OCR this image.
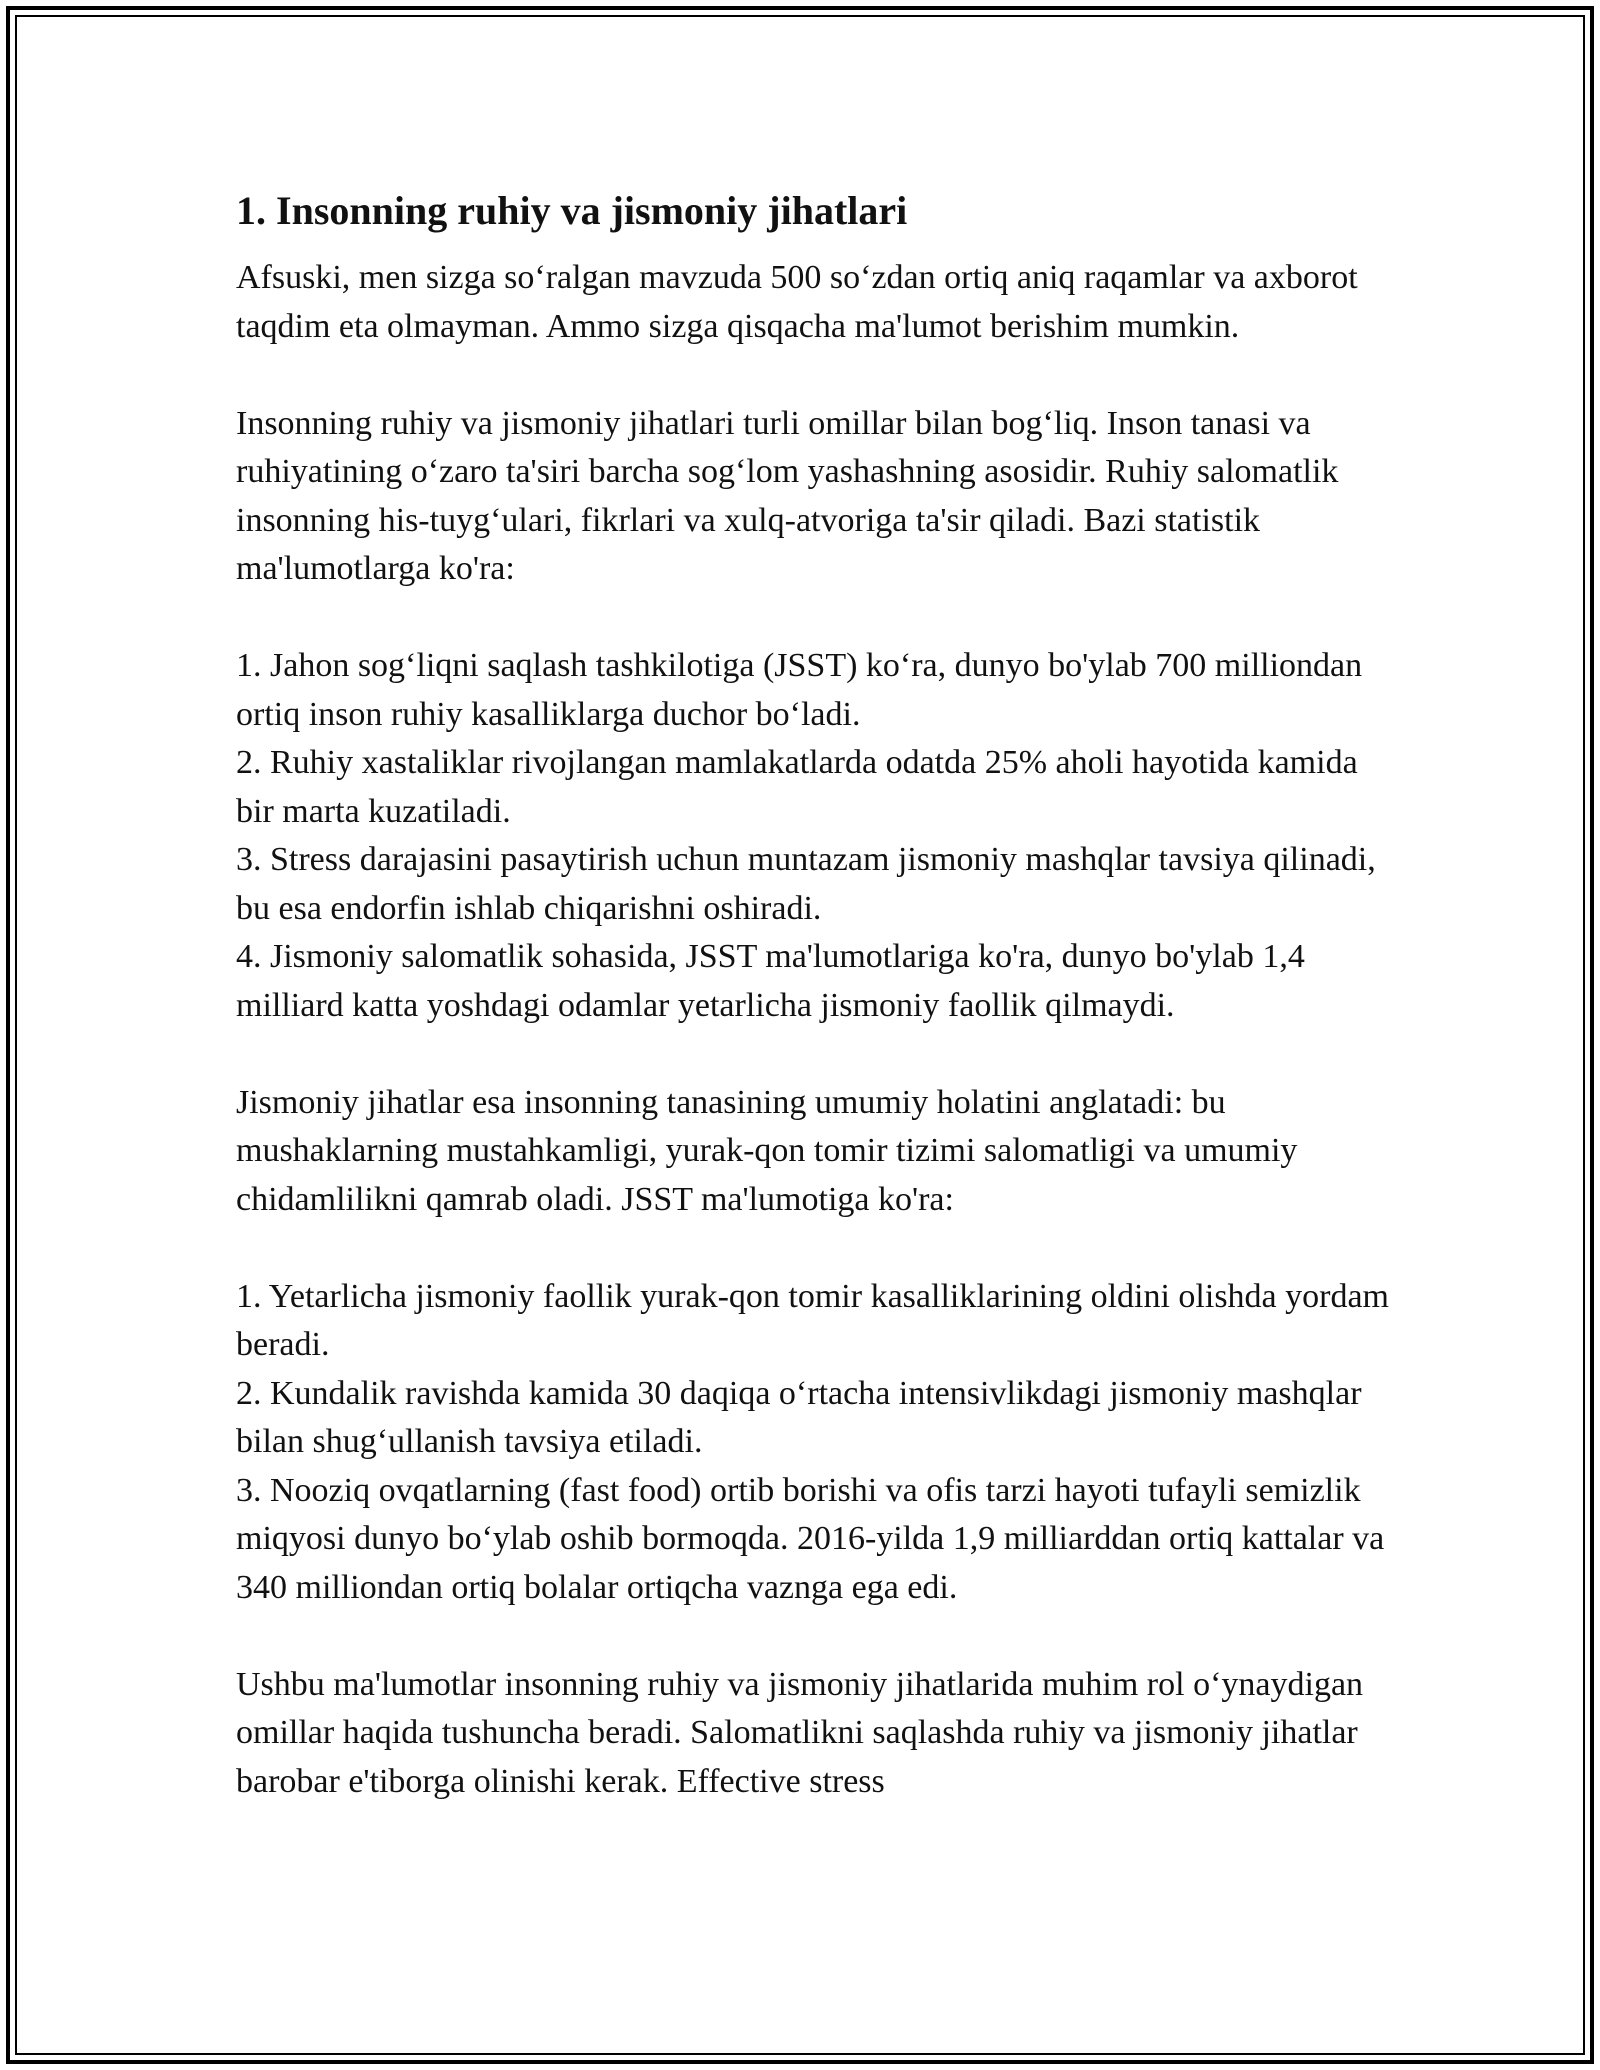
1. Insonning ruhiy va jismoniy jihatlari

Afsuski, men sizga so‘ralgan mavzuda 500 so‘zdan ortiq aniq raqamlar va axborot taqdim eta olmayman. Ammo sizga qisqacha ma'lumot berishim mumkin.

Insonning ruhiy va jismoniy jihatlari turli omillar bilan bog‘liq. Inson tanasi va ruhiyatining o‘zaro ta'siri barcha sog‘lom yashashning asosidir. Ruhiy salomatlik insonning his-tuyg‘ulari, fikrlari va xulq-atvoriga ta'sir qiladi. Bazi statistik ma'lumotlarga ko'ra:

1. Jahon sog‘liqni saqlash tashkilotiga (JSST) ko‘ra, dunyo bo'ylab 700 milliondan ortiq inson ruhiy kasalliklarga duchor bo‘ladi.

2. Ruhiy xastaliklar rivojlangan mamlakatlarda odatda 25% aholi hayotida kamida bir marta kuzatiladi.

3. Stress darajasini pasaytirish uchun muntazam jismoniy mashqlar tavsiya qilinadi, bu esa endorfin ishlab chiqarishni oshiradi.

4. Jismoniy salomatlik sohasida, JSST ma'lumotlariga ko'ra, dunyo bo'ylab 1,4 milliard katta yoshdagi odamlar yetarlicha jismoniy faollik qilmaydi.

Jismoniy jihatlar esa insonning tanasining umumiy holatini anglatadi: bu mushaklarning mustahkamligi, yurak-qon tomir tizimi salomatligi va umumiy chidamlilikni qamrab oladi. JSST ma'lumotiga ko'ra:

1. Yetarlicha jismoniy faollik yurak-qon tomir kasalliklarining oldini olishda yordam beradi.

2. Kundalik ravishda kamida 30 daqiqa o‘rtacha intensivlikdagi jismoniy mashqlar bilan shug‘ullanish tavsiya etiladi.

3. Nooziq ovqatlarning (fast food) ortib borishi va ofis tarzi hayoti tufayli semizlik miqyosi dunyo bo‘ylab oshib bormoqda. 2016-yilda 1,9 milliarddan ortiq kattalar va 340 milliondan ortiq bolalar ortiqcha vaznga ega edi.

Ushbu ma'lumotlar insonning ruhiy va jismoniy jihatlarida muhim rol o‘ynaydigan omillar haqida tushuncha beradi. Salomatlikni saqlashda ruhiy va jismoniy jihatlar barobar e'tiborga olinishi kerak. Effective stress
